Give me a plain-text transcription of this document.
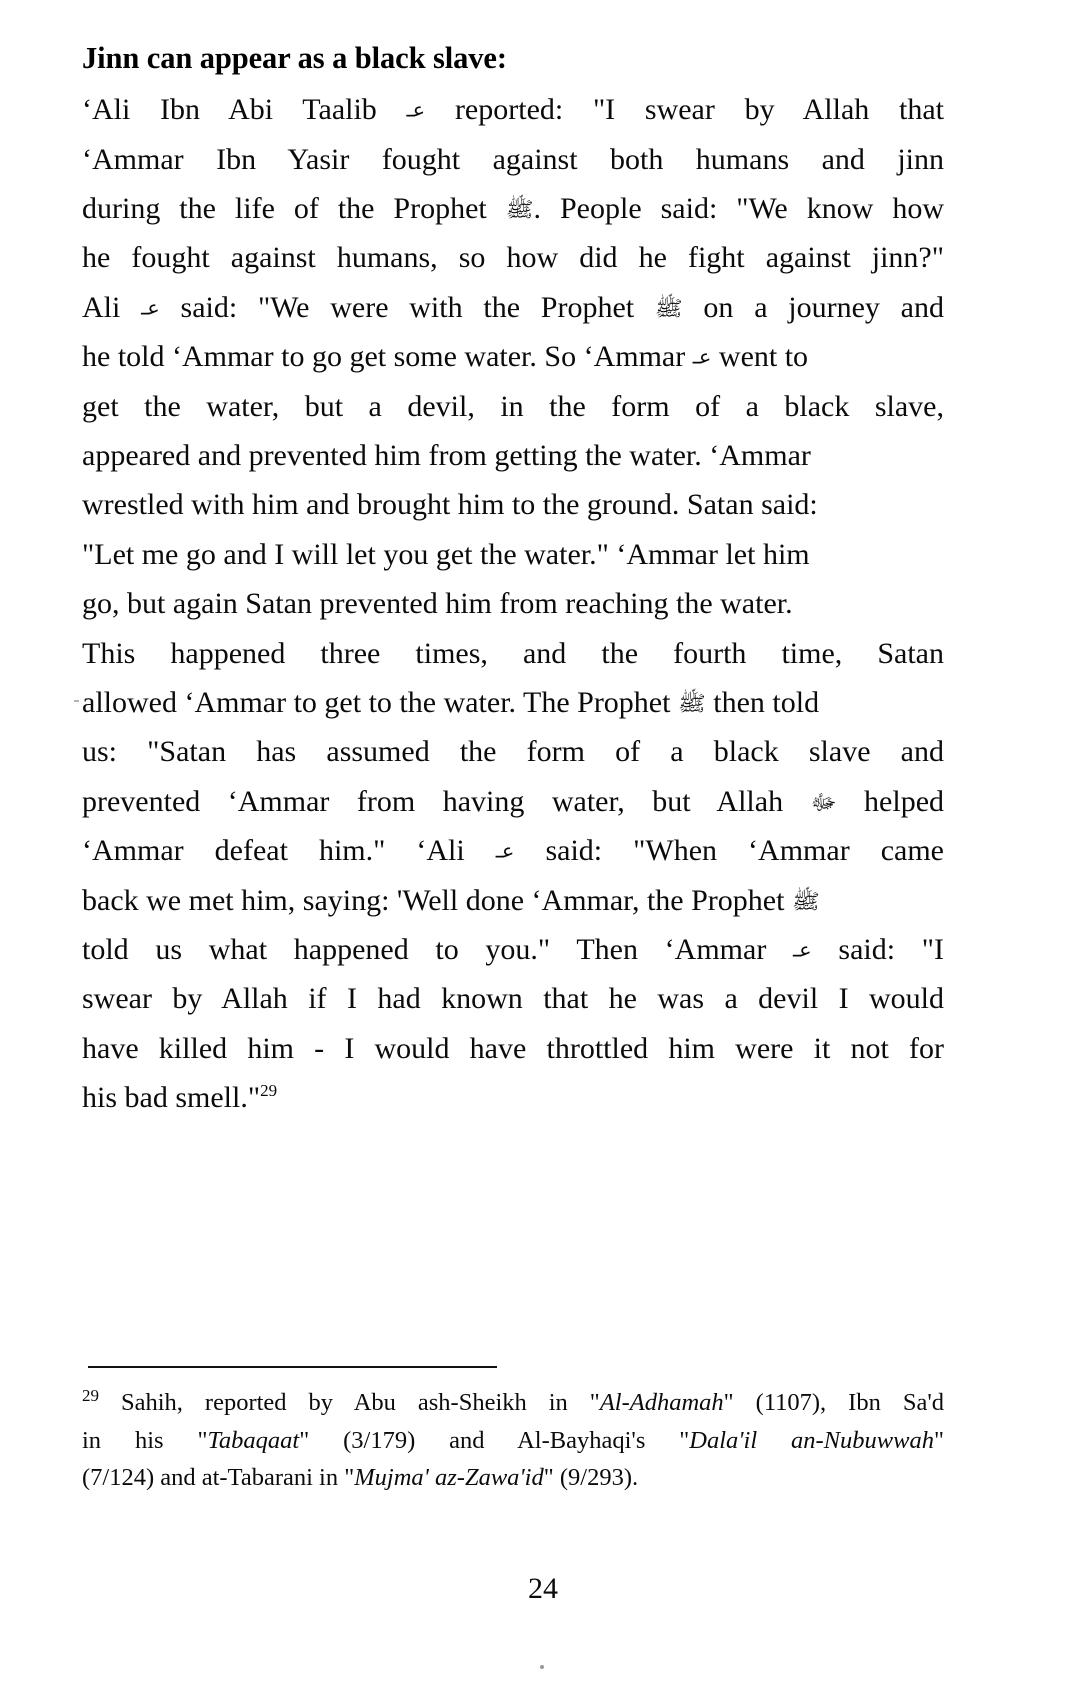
Jinn can appear as a black slave:
‘Ali Ibn Abi Taalib عـ reported: "I swear by Allah that
‘Ammar Ibn Yasir fought against both humans and jinn
during the life of the Prophet ﷺ. People said: "We know how
he fought against humans, so how did he fight against jinn?"
Ali عـ said: "We were with the Prophet ﷺ on a journey and
he told ‘Ammar to go get some water. So ‘Ammar عـ went to
get the water, but a devil, in the form of a black slave,
appeared and prevented him from getting the water. ‘Ammar
wrestled with him and brought him to the ground. Satan said:
"Let me go and I will let you get the water." ‘Ammar let him
go, but again Satan prevented him from reaching the water.
This happened three times, and the fourth time, Satan
allowed ‘Ammar to get to the water. The Prophet ﷺ then told
us: "Satan has assumed the form of a black slave and
prevented ‘Ammar from having water, but Allah ﷻ helped
‘Ammar defeat him." ‘Ali عـ said: "When ‘Ammar came
back we met him, saying: 'Well done ‘Ammar, the Prophet ﷺ
told us what happened to you." Then ‘Ammar عـ said: "I
swear by Allah if I had known that he was a devil I would
have killed him - I would have throttled him were it not for
his bad smell."$^{29}$
$^{29}$ Sahih, reported by Abu ash-Sheikh in "Al-Adhamah" (1107), Ibn Sa'd
in his "Tabaqaat" (3/179) and Al-Bayhaqi's "Dala'il an-Nubuwwah"
(7/124) and at-Tabarani in "Mujma' az-Zawa'id" (9/293).
24
